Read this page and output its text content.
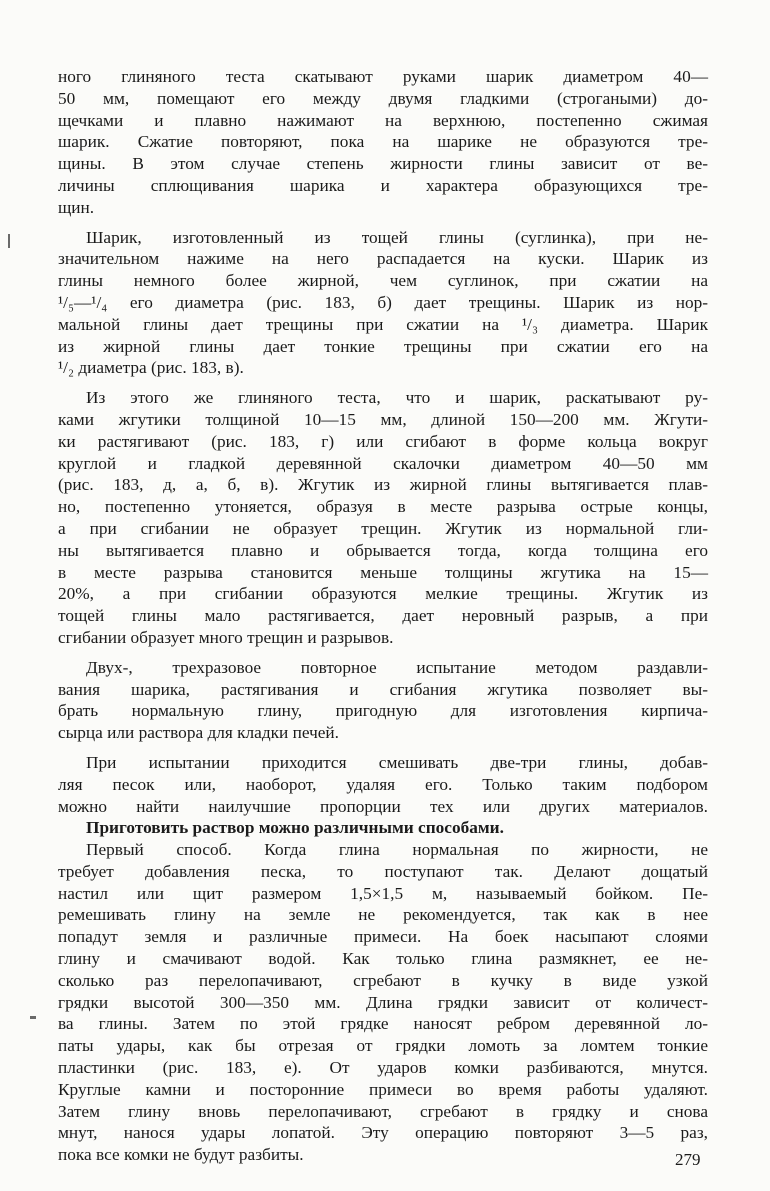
ного глиняного теста скатывают руками шарик диаметром 40—
50 мм, помещают его между двумя гладкими (строгаными) до-
щечками и плавно нажимают на верхнюю, постепенно сжимая
шарик. Сжатие повторяют, пока на шарике не образуются тре-
щины. В этом случае степень жирности глины зависит от ве-
личины сплющивания шарика и характера образующихся тре-
щин.
Шарик, изготовленный из тощей глины (суглинка), при не-
значительном нажиме на него распадается на куски. Шарик из
глины немного более жирной, чем суглинок, при сжатии на
¹/₅—¹/₄ его диаметра (рис. 183, б) дает трещины. Шарик из нор-
мальной глины дает трещины при сжатии на ¹/₃ диаметра. Шарик
из жирной глины дает тонкие трещины при сжатии его на
¹/₂ диаметра (рис. 183, в).
Из этого же глиняного теста, что и шарик, раскатывают ру-
ками жгутики толщиной 10—15 мм, длиной 150—200 мм. Жгути-
ки растягивают (рис. 183, г) или сгибают в форме кольца вокруг
круглой и гладкой деревянной скалочки диаметром 40—50 мм
(рис. 183, д, а, б, в). Жгутик из жирной глины вытягивается плав-
но, постепенно утоняется, образуя в месте разрыва острые концы,
а при сгибании не образует трещин. Жгутик из нормальной гли-
ны вытягивается плавно и обрывается тогда, когда толщина его
в месте разрыва становится меньше толщины жгутика на 15—
20%, а при сгибании образуются мелкие трещины. Жгутик из
тощей глины мало растягивается, дает неровный разрыв, а при
сгибании образует много трещин и разрывов.
Двух-, трехразовое повторное испытание методом раздавли-
вания шарика, растягивания и сгибания жгутика позволяет вы-
брать нормальную глину, пригодную для изготовления кирпича-
сырца или раствора для кладки печей.
При испытании приходится смешивать две-три глины, добав-
ляя песок или, наоборот, удаляя его. Только таким подбором
можно найти наилучшие пропорции тех или других материалов.
Приготовить раствор можно различными способами.
Первый способ. Когда глина нормальная по жирности, не
требует добавления песка, то поступают так. Делают дощатый
настил или щит размером 1,5×1,5 м, называемый бойком. Пе-
ремешивать глину на земле не рекомендуется, так как в нее
попадут земля и различные примеси. На боек насыпают слоями
глину и смачивают водой. Как только глина размякнет, ее не-
сколько раз перелопачивают, сгребают в кучку в виде узкой
грядки высотой 300—350 мм. Длина грядки зависит от количест-
ва глины. Затем по этой грядке наносят ребром деревянной ло-
паты удары, как бы отрезая от грядки ломоть за ломтем тонкие
пластинки (рис. 183, е). От ударов комки разбиваются, мнутся.
Круглые камни и посторонние примеси во время работы удаляют.
Затем глину вновь перелопачивают, сгребают в грядку и снова
мнут, нанося удары лопатой. Эту операцию повторяют 3—5 раз,
пока все комки не будут разбиты.	279
